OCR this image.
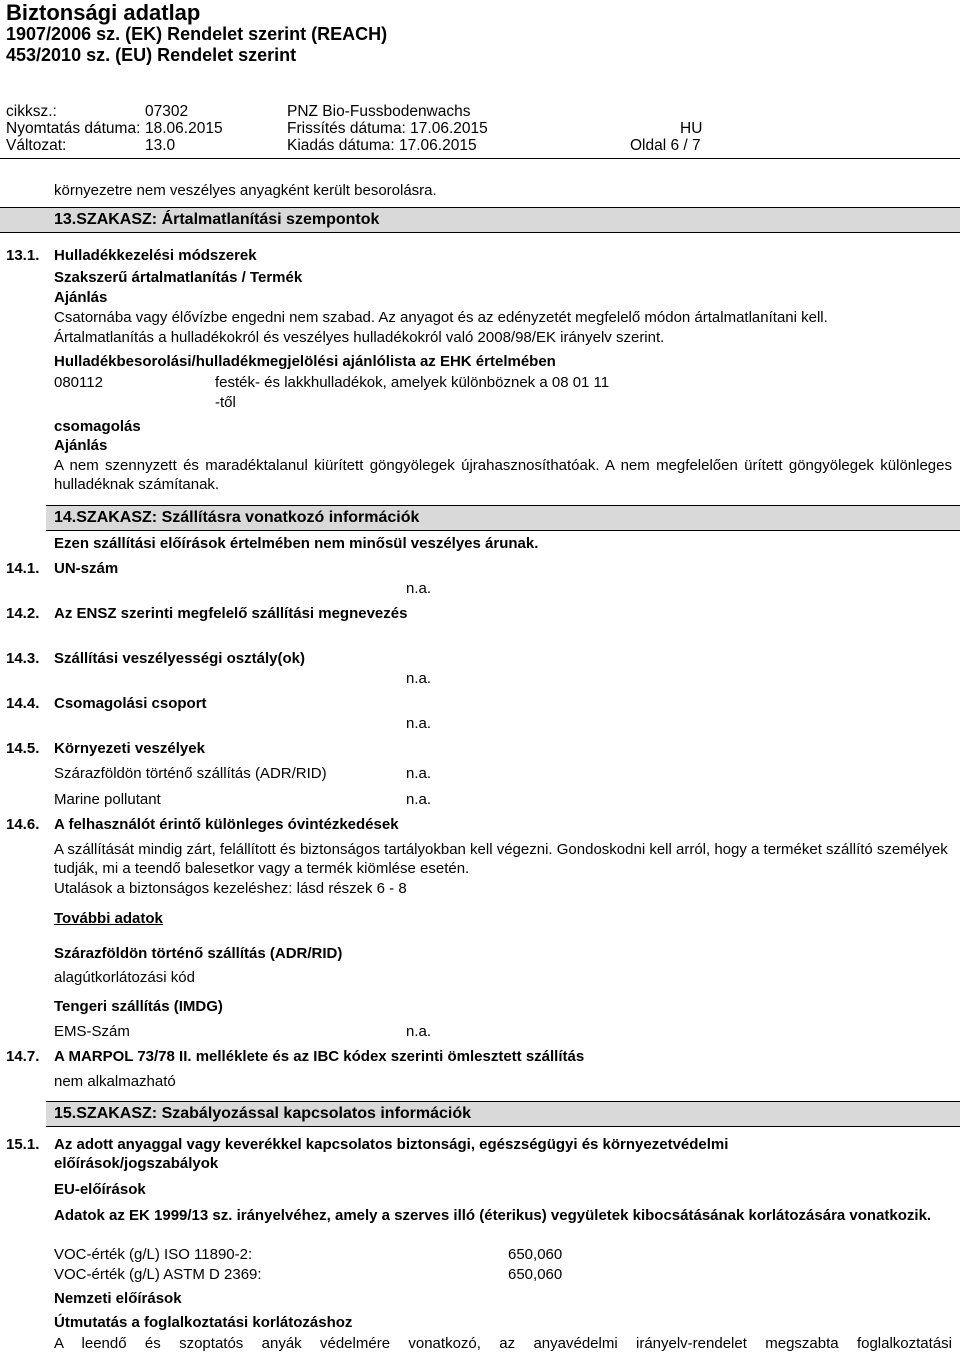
Biztonsági adatlap
1907/2006 sz. (EK) Rendelet szerint (REACH)
453/2010 sz. (EU) Rendelet szerint
cikksz.:	07302	PNZ Bio-Fussbodenwachs
Nyomtatás dátuma: 18.06.2015	Frissítés dátuma: 17.06.2015	HU
Változat:	13.0	Kiadás dátuma: 17.06.2015	Oldal 6 / 7
környezetre nem veszélyes anyagként került besorolásra.
13.SZAKASZ: Ártalmatlanítási szempontok
13.1. Hulladékkezelési módszerek
Szakszerű ártalmatlanítás / Termék
Ajánlás
Csatornába vagy élővízbe engedni nem szabad. Az anyagot és az edényzetét megfelelő módon ártalmatlanítani kell.
Ártalmatlanítás a hulladékokról és veszélyes hulladékokról való 2008/98/EK irányelv szerint.
Hulladékbesorolási/hulladékmegjelölési ajánlólista az EHK értelmében
080112	festék- és lakkhulladékok, amelyek különböznek a 08 01 11
-től
csomagolás
Ajánlás
A nem szennyzett és maradéktalanul kiürített göngyölegek újrahasznosíthatóak. A nem megfelelően ürített göngyölegek különleges hulladéknak számítanak.
14.SZAKASZ: Szállításra vonatkozó információk
Ezen szállítási előírások értelmében nem minősül veszélyes árunak.
14.1. UN-szám
n.a.
14.2. Az ENSZ szerinti megfelelő szállítási megnevezés
14.3. Szállítási veszélyességi osztály(ok)
n.a.
14.4. Csomagolási csoport
n.a.
14.5. Környezeti veszélyek
Szárazföldön történő szállítás (ADR/RID)	n.a.
Marine pollutant	n.a.
14.6. A felhasználót érintő különleges óvintézkedések
A szállítását mindig zárt, felállított és biztonságos tartályokban kell végezni. Gondoskodni kell arról, hogy a terméket szállító személyek tudják, mi a teendő balesetkor vagy a termék kiömlése esetén.
Utalások a biztonságos kezeléshez: lásd részek 6 - 8
További adatok
Szárazföldön történő szállítás (ADR/RID)
alagútkorlátozási kód
Tengeri szállítás (IMDG)
EMS-Szám	n.a.
14.7. A MARPOL 73/78 II. melléklete és az IBC kódex szerinti ömlesztett szállítás
nem alkalmazható
15.SZAKASZ: Szabályozással kapcsolatos információk
15.1. Az adott anyaggal vagy keverékkel kapcsolatos biztonsági, egészségügyi és környezetvédelmi előírások/jogszabályok
EU-előírások
Adatok az EK 1999/13 sz. irányelvéhez, amely a szerves illó (éterikus) vegyületek kibocsátásának korlátozására vonatkozik.
VOC-érték (g/L) ISO 11890-2:	650,060
VOC-érték (g/L) ASTM D 2369:	650,060
Nemzeti előírások
Útmutatás a foglalkoztatási korlátozáshoz
A leendő és szoptatós anyák védelmére vonatkozó, az anyavédelmi irányelv-rendelet megszabta foglalkoztatási
